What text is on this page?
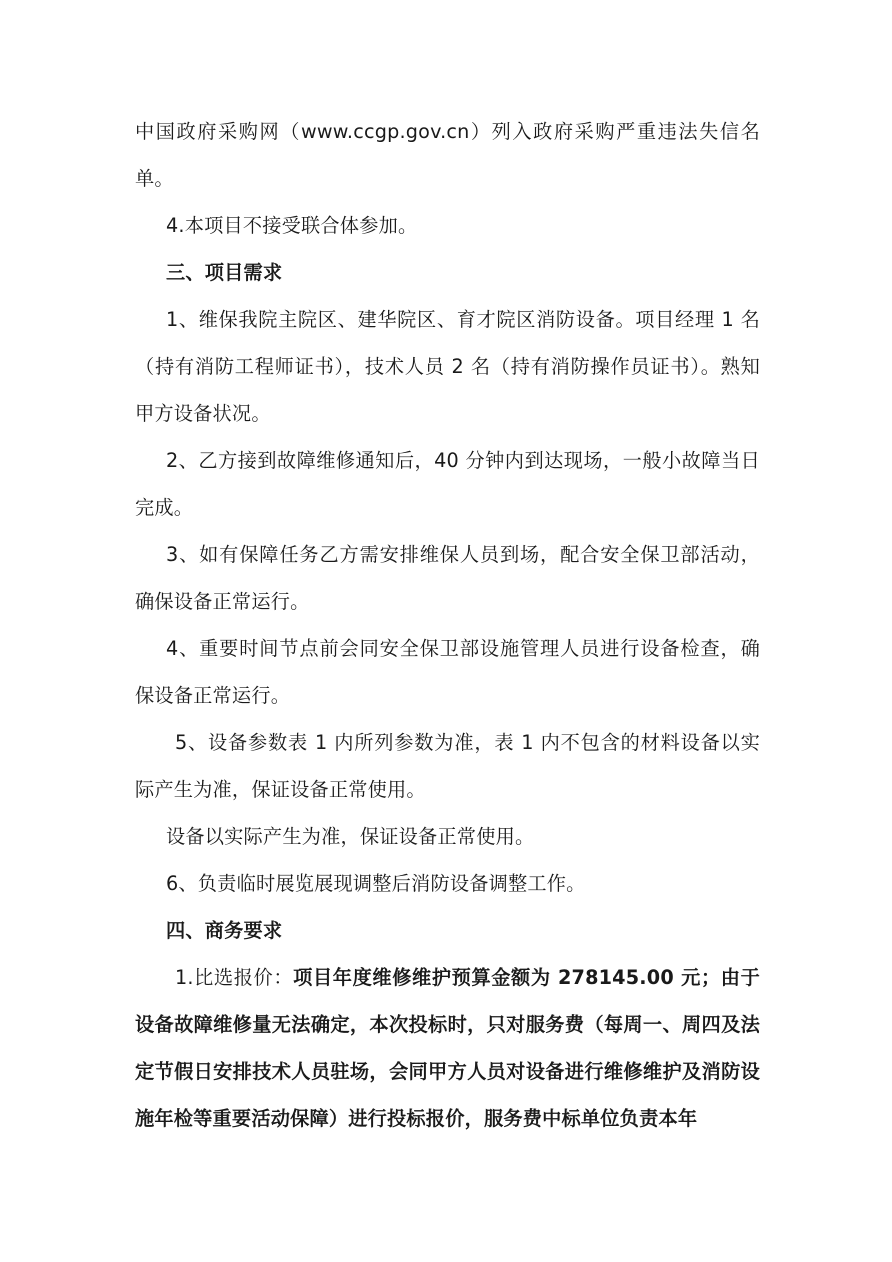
中国政府采购网（www.ccgp.gov.cn）列入政府采购严重违法失信名单。

4.本项目不接受联合体参加。

三、项目需求

1、维保我院主院区、建华院区、育才院区消防设备。项目经理 1 名（持有消防工程师证书），技术人员 2 名（持有消防操作员证书）。熟知甲方设备状况。

2、乙方接到故障维修通知后，40 分钟内到达现场，一般小故障当日完成。

3、如有保障任务乙方需安排维保人员到场，配合安全保卫部活动，确保设备正常运行。

4、重要时间节点前会同安全保卫部设施管理人员进行设备检查，确保设备正常运行。

5、设备参数表 1 内所列参数为准，表 1 内不包含的材料设备以实际产生为准，保证设备正常使用。

设备以实际产生为准，保证设备正常使用。

6、负责临时展览展现调整后消防设备调整工作。

四、商务要求

1.比选报价：项目年度维修维护预算金额为 278145.00 元；由于设备故障维修量无法确定，本次投标时，只对服务费（每周一、周四及法定节假日安排技术人员驻场，会同甲方人员对设备进行维修维护及消防设施年检等重要活动保障）进行投标报价，服务费中标单位负责本年
